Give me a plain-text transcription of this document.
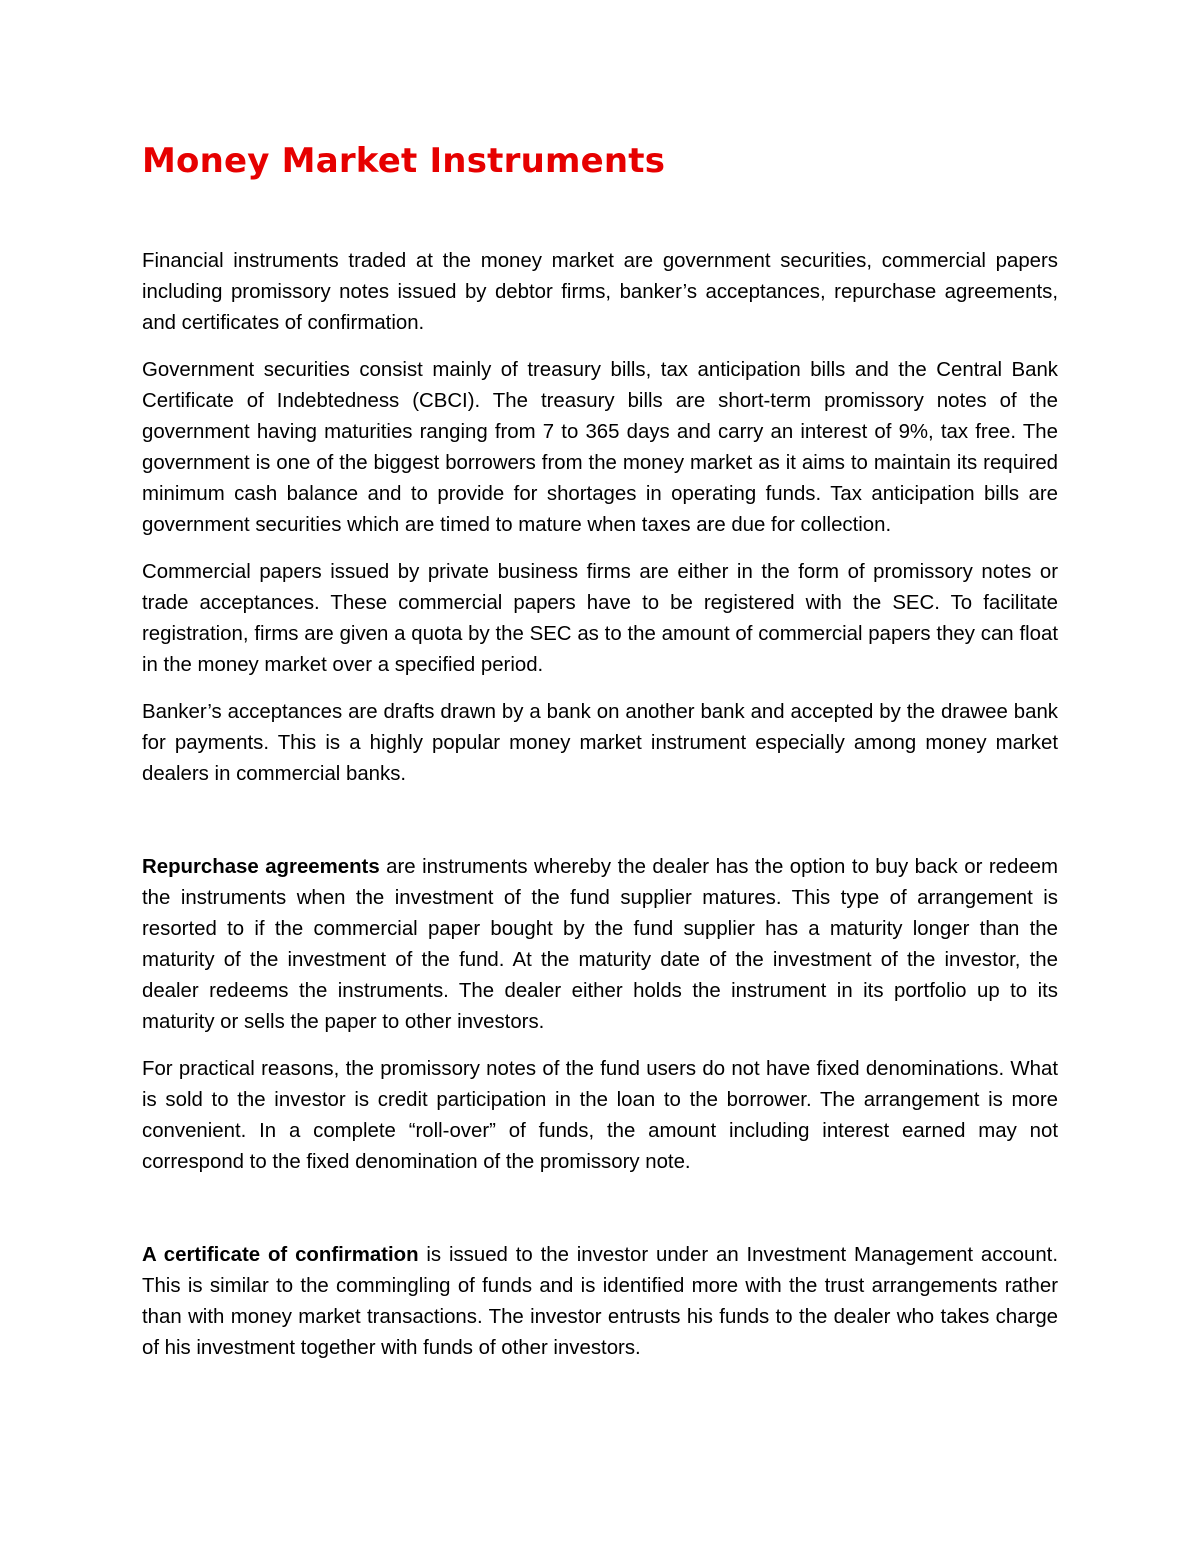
Money Market Instruments

Financial instruments traded at the money market are government securities, commercial papers including promissory notes issued by debtor firms, banker’s acceptances, repurchase agreements, and certificates of confirmation.

Government securities consist mainly of treasury bills, tax anticipation bills and the Central Bank Certificate of Indebtedness (CBCI). The treasury bills are short-term promissory notes of the government having maturities ranging from 7 to 365 days and carry an interest of 9%, tax free. The government is one of the biggest borrowers from the money market as it aims to maintain its required minimum cash balance and to provide for shortages in operating funds. Tax anticipation bills are government securities which are timed to mature when taxes are due for collection.

Commercial papers issued by private business firms are either in the form of promissory notes or trade acceptances. These commercial papers have to be registered with the SEC. To facilitate registration, firms are given a quota by the SEC as to the amount of commercial papers they can float in the money market over a specified period.

Banker’s acceptances are drafts drawn by a bank on another bank and accepted by the drawee bank for payments. This is a highly popular money market instrument especially among money market dealers in commercial banks.

Repurchase agreements are instruments whereby the dealer has the option to buy back or redeem the instruments when the investment of the fund supplier matures. This type of arrangement is resorted to if the commercial paper bought by the fund supplier has a maturity longer than the maturity of the investment of the fund. At the maturity date of the investment of the investor, the dealer redeems the instruments. The dealer either holds the instrument in its portfolio up to its maturity or sells the paper to other investors.

For practical reasons, the promissory notes of the fund users do not have fixed denominations. What is sold to the investor is credit participation in the loan to the borrower. The arrangement is more convenient. In a complete “roll-over” of funds, the amount including interest earned may not correspond to the fixed denomination of the promissory note.

A certificate of confirmation is issued to the investor under an Investment Management account. This is similar to the commingling of funds and is identified more with the trust arrangements rather than with money market transactions. The investor entrusts his funds to the dealer who takes charge of his investment together with funds of other investors.
